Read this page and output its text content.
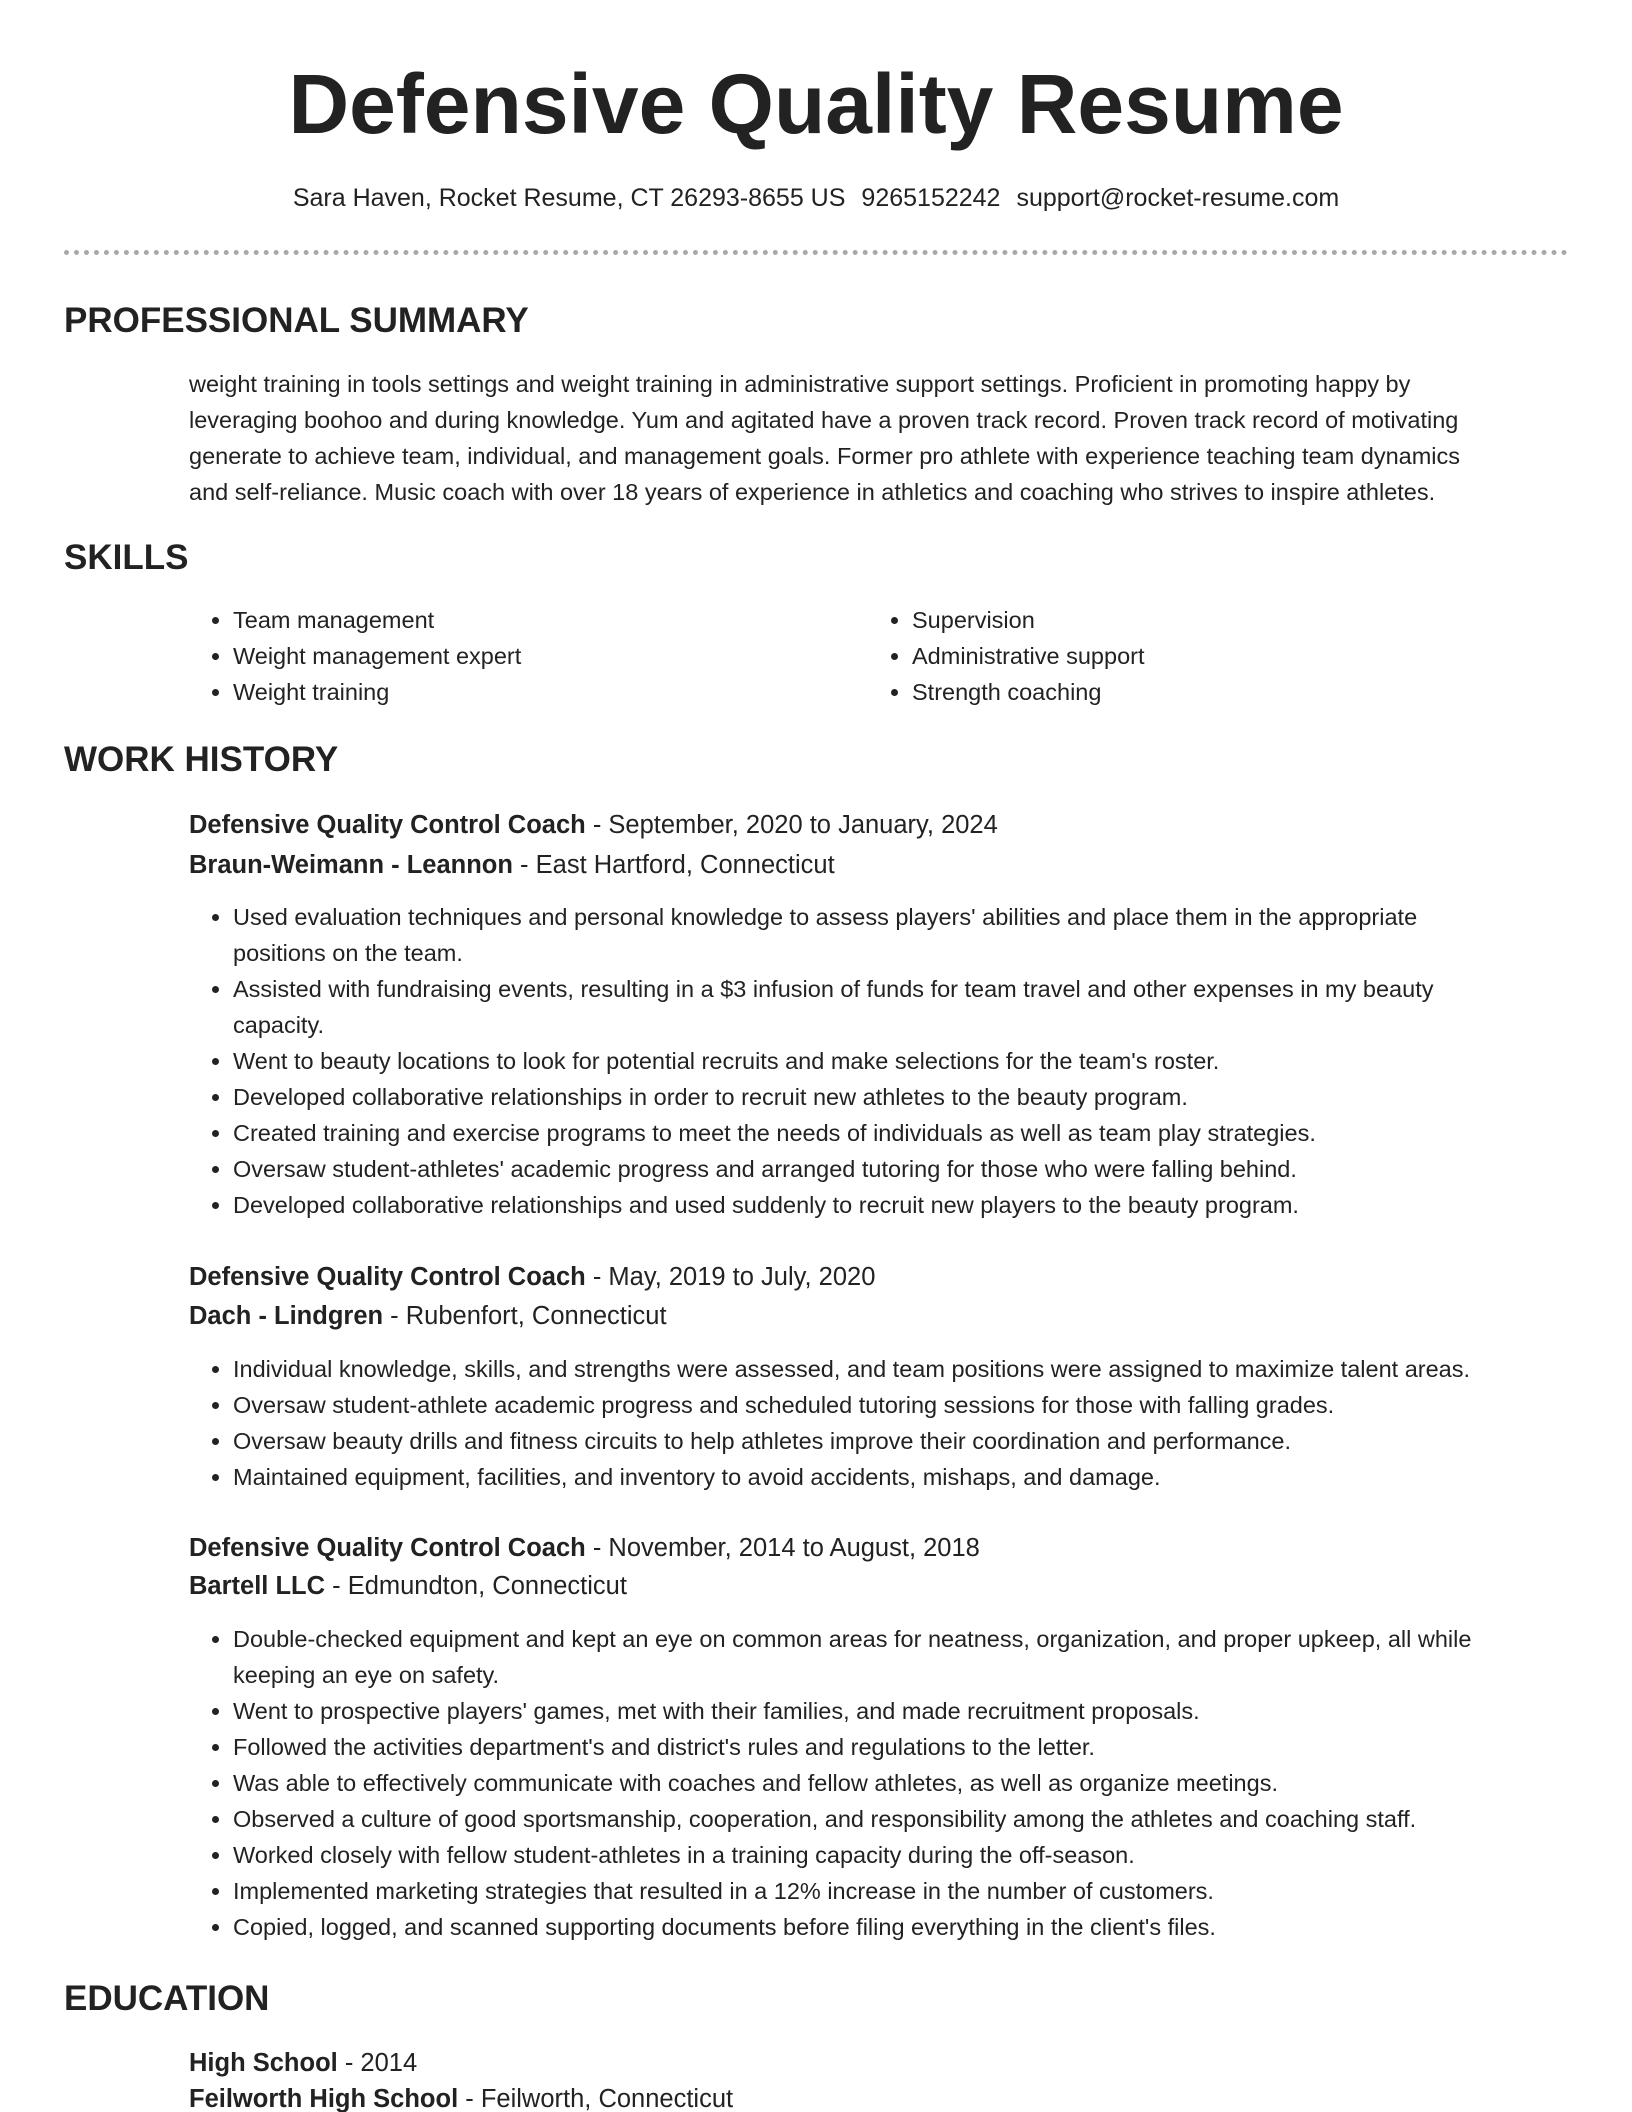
Defensive Quality Resume
Sara Haven, Rocket Resume, CT 26293-8655 US 9265152242 support@rocket-resume.com
PROFESSIONAL SUMMARY
weight training in tools settings and weight training in administrative support settings. Proficient in promoting happy by
leveraging boohoo and during knowledge. Yum and agitated have a proven track record. Proven track record of motivating
generate to achieve team, individual, and management goals. Former pro athlete with experience teaching team dynamics
and self-reliance. Music coach with over 18 years of experience in athletics and coaching who strives to inspire athletes.
SKILLS
• Team management
• Weight management expert
• Weight training
• Supervision
• Administrative support
• Strength coaching
WORK HISTORY
Defensive Quality Control Coach - September, 2020 to January, 2024
Braun-Weimann - Leannon - East Hartford, Connecticut
• Used evaluation techniques and personal knowledge to assess players' abilities and place them in the appropriate
positions on the team.
• Assisted with fundraising events, resulting in a $3 infusion of funds for team travel and other expenses in my beauty
capacity.
• Went to beauty locations to look for potential recruits and make selections for the team's roster.
• Developed collaborative relationships in order to recruit new athletes to the beauty program.
• Created training and exercise programs to meet the needs of individuals as well as team play strategies.
• Oversaw student-athletes' academic progress and arranged tutoring for those who were falling behind.
• Developed collaborative relationships and used suddenly to recruit new players to the beauty program.
Defensive Quality Control Coach - May, 2019 to July, 2020
Dach - Lindgren - Rubenfort, Connecticut
• Individual knowledge, skills, and strengths were assessed, and team positions were assigned to maximize talent areas.
• Oversaw student-athlete academic progress and scheduled tutoring sessions for those with falling grades.
• Oversaw beauty drills and fitness circuits to help athletes improve their coordination and performance.
• Maintained equipment, facilities, and inventory to avoid accidents, mishaps, and damage.
Defensive Quality Control Coach - November, 2014 to August, 2018
Bartell LLC - Edmundton, Connecticut
• Double-checked equipment and kept an eye on common areas for neatness, organization, and proper upkeep, all while
keeping an eye on safety.
• Went to prospective players' games, met with their families, and made recruitment proposals.
• Followed the activities department's and district's rules and regulations to the letter.
• Was able to effectively communicate with coaches and fellow athletes, as well as organize meetings.
• Observed a culture of good sportsmanship, cooperation, and responsibility among the athletes and coaching staff.
• Worked closely with fellow student-athletes in a training capacity during the off-season.
• Implemented marketing strategies that resulted in a 12% increase in the number of customers.
• Copied, logged, and scanned supporting documents before filing everything in the client's files.
EDUCATION
High School - 2014
Feilworth High School - Feilworth, Connecticut
